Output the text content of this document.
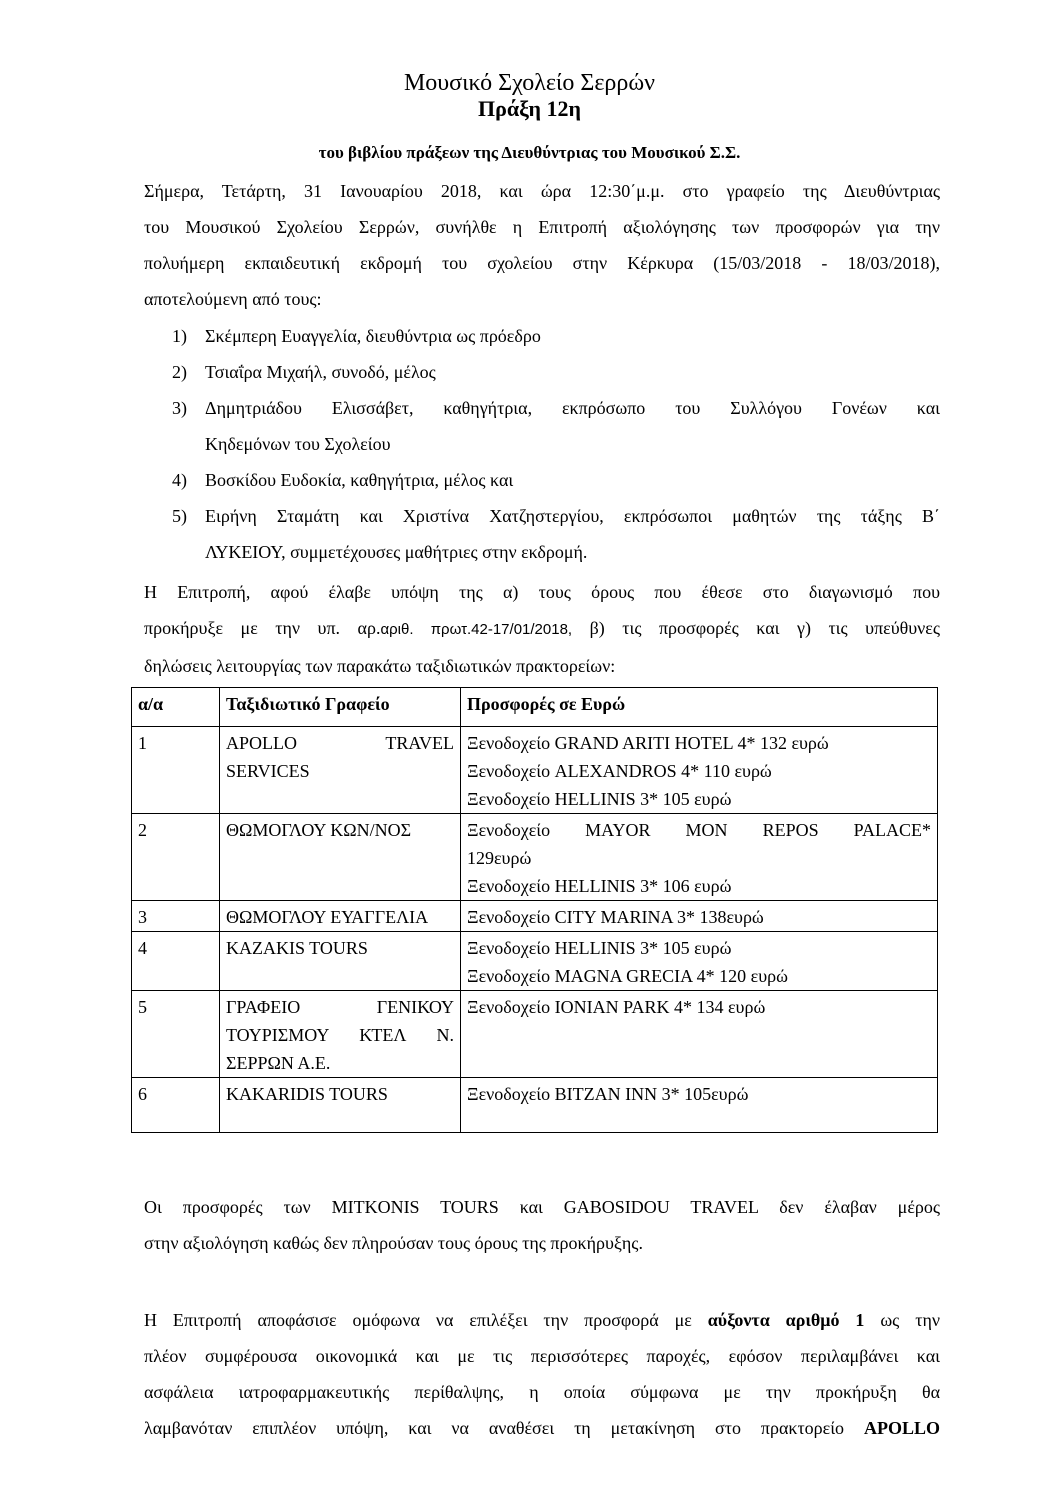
Μουσικό Σχολείο Σερρών
Πράξη 12η
του βιβλίου πράξεων της Διευθύντριας του Μουσικού Σ.Σ.
Σήμερα, Τετάρτη, 31 Ιανουαρίου 2018, και ώρα 12:30΄μ.μ. στο γραφείο της Διευθύντριας
του Μουσικού Σχολείου Σερρών, συνήλθε η Επιτροπή αξιολόγησης των προσφορών για την
πολυήμερη εκπαιδευτική εκδρομή του σχολείου στην Κέρκυρα (15/03/2018 - 18/03/2018),
αποτελούμενη από τους:
1)	Σκέμπερη Ευαγγελία, διευθύντρια ως πρόεδρο
2)	Τσιαΐρα Μιχαήλ, συνοδό, μέλος
3)	Δημητριάδου Ελισσάβετ, καθηγήτρια, εκπρόσωπο του Συλλόγου Γονέων και
Κηδεμόνων του Σχολείου
4)	Βοσκίδου Ευδοκία, καθηγήτρια, μέλος και
5)	Ειρήνη Σταμάτη και Χριστίνα Χατζηστεργίου, εκπρόσωποι μαθητών της τάξης Β΄
ΛΥΚΕΙΟΥ, συμμετέχουσες μαθήτριες στην εκδρομή.
Η Επιτροπή, αφού έλαβε υπόψη της α) τους όρους που έθεσε στο διαγωνισμό που
προκήρυξε με την υπ. αρ.αριθ. πρωτ.42-17/01/2018, β) τις προσφορές και γ) τις υπεύθυνες
δηλώσεις λειτουργίας των παρακάτω ταξιδιωτικών πρακτορείων:
α/α	Ταξιδιωτικό Γραφείο	Προσφορές σε Ευρώ
1	APOLLO TRAVEL SERVICES	Ξενοδοχείο GRAND ARITI HOTEL 4* 132 ευρώ
Ξενοδοχείο ALEXANDROS 4* 110 ευρώ
Ξενοδοχείο HELLINIS 3* 105 ευρώ

2	ΘΩΜΟΓΛΟΥ ΚΩΝ/ΝΟΣ	Ξενοδοχείο MAYOR MON REPOS PALACE*
129ευρώ
Ξενοδοχείο HELLINIS 3* 106 ευρώ

3	ΘΩΜΟΓΛΟΥ ΕΥΑΓΓΕΛΙΑ	Ξενοδοχείο CITY MARINA 3* 138ευρώ

4	KAZAKIS TOURS	Ξενοδοχείο HELLINIS 3* 105 ευρώ
Ξενοδοχείο MAGNA GRECIA 4* 120 ευρώ

5	ΓΡΑΦΕΙΟ ΓΕΝΙΚΟΥ ΤΟΥΡΙΣΜΟΥ ΚΤΕΛ Ν. ΣΕΡΡΩΝ Α.Ε.	Ξενοδοχείο IONIAN PARK 4* 134 ευρώ

6	KAKARIDIS TOURS	Ξενοδοχείο BITZAN INN 3* 105ευρώ
Οι προσφορές των MITKONIS TOURS και GABOSIDOU TRAVEL δεν έλαβαν μέρος
στην αξιολόγηση καθώς δεν πληρούσαν τους όρους της προκήρυξης.
Η Επιτροπή αποφάσισε ομόφωνα να επιλέξει την προσφορά με αύξοντα αριθμό 1 ως την
πλέον συμφέρουσα οικονομικά και με τις περισσότερες παροχές, εφόσον περιλαμβάνει και
ασφάλεια ιατροφαρμακευτικής περίθαλψης, η οποία σύμφωνα με την προκήρυξη θα
λαμβανόταν επιπλέον υπόψη, και να αναθέσει τη μετακίνηση στο πρακτορείο APOLLO
